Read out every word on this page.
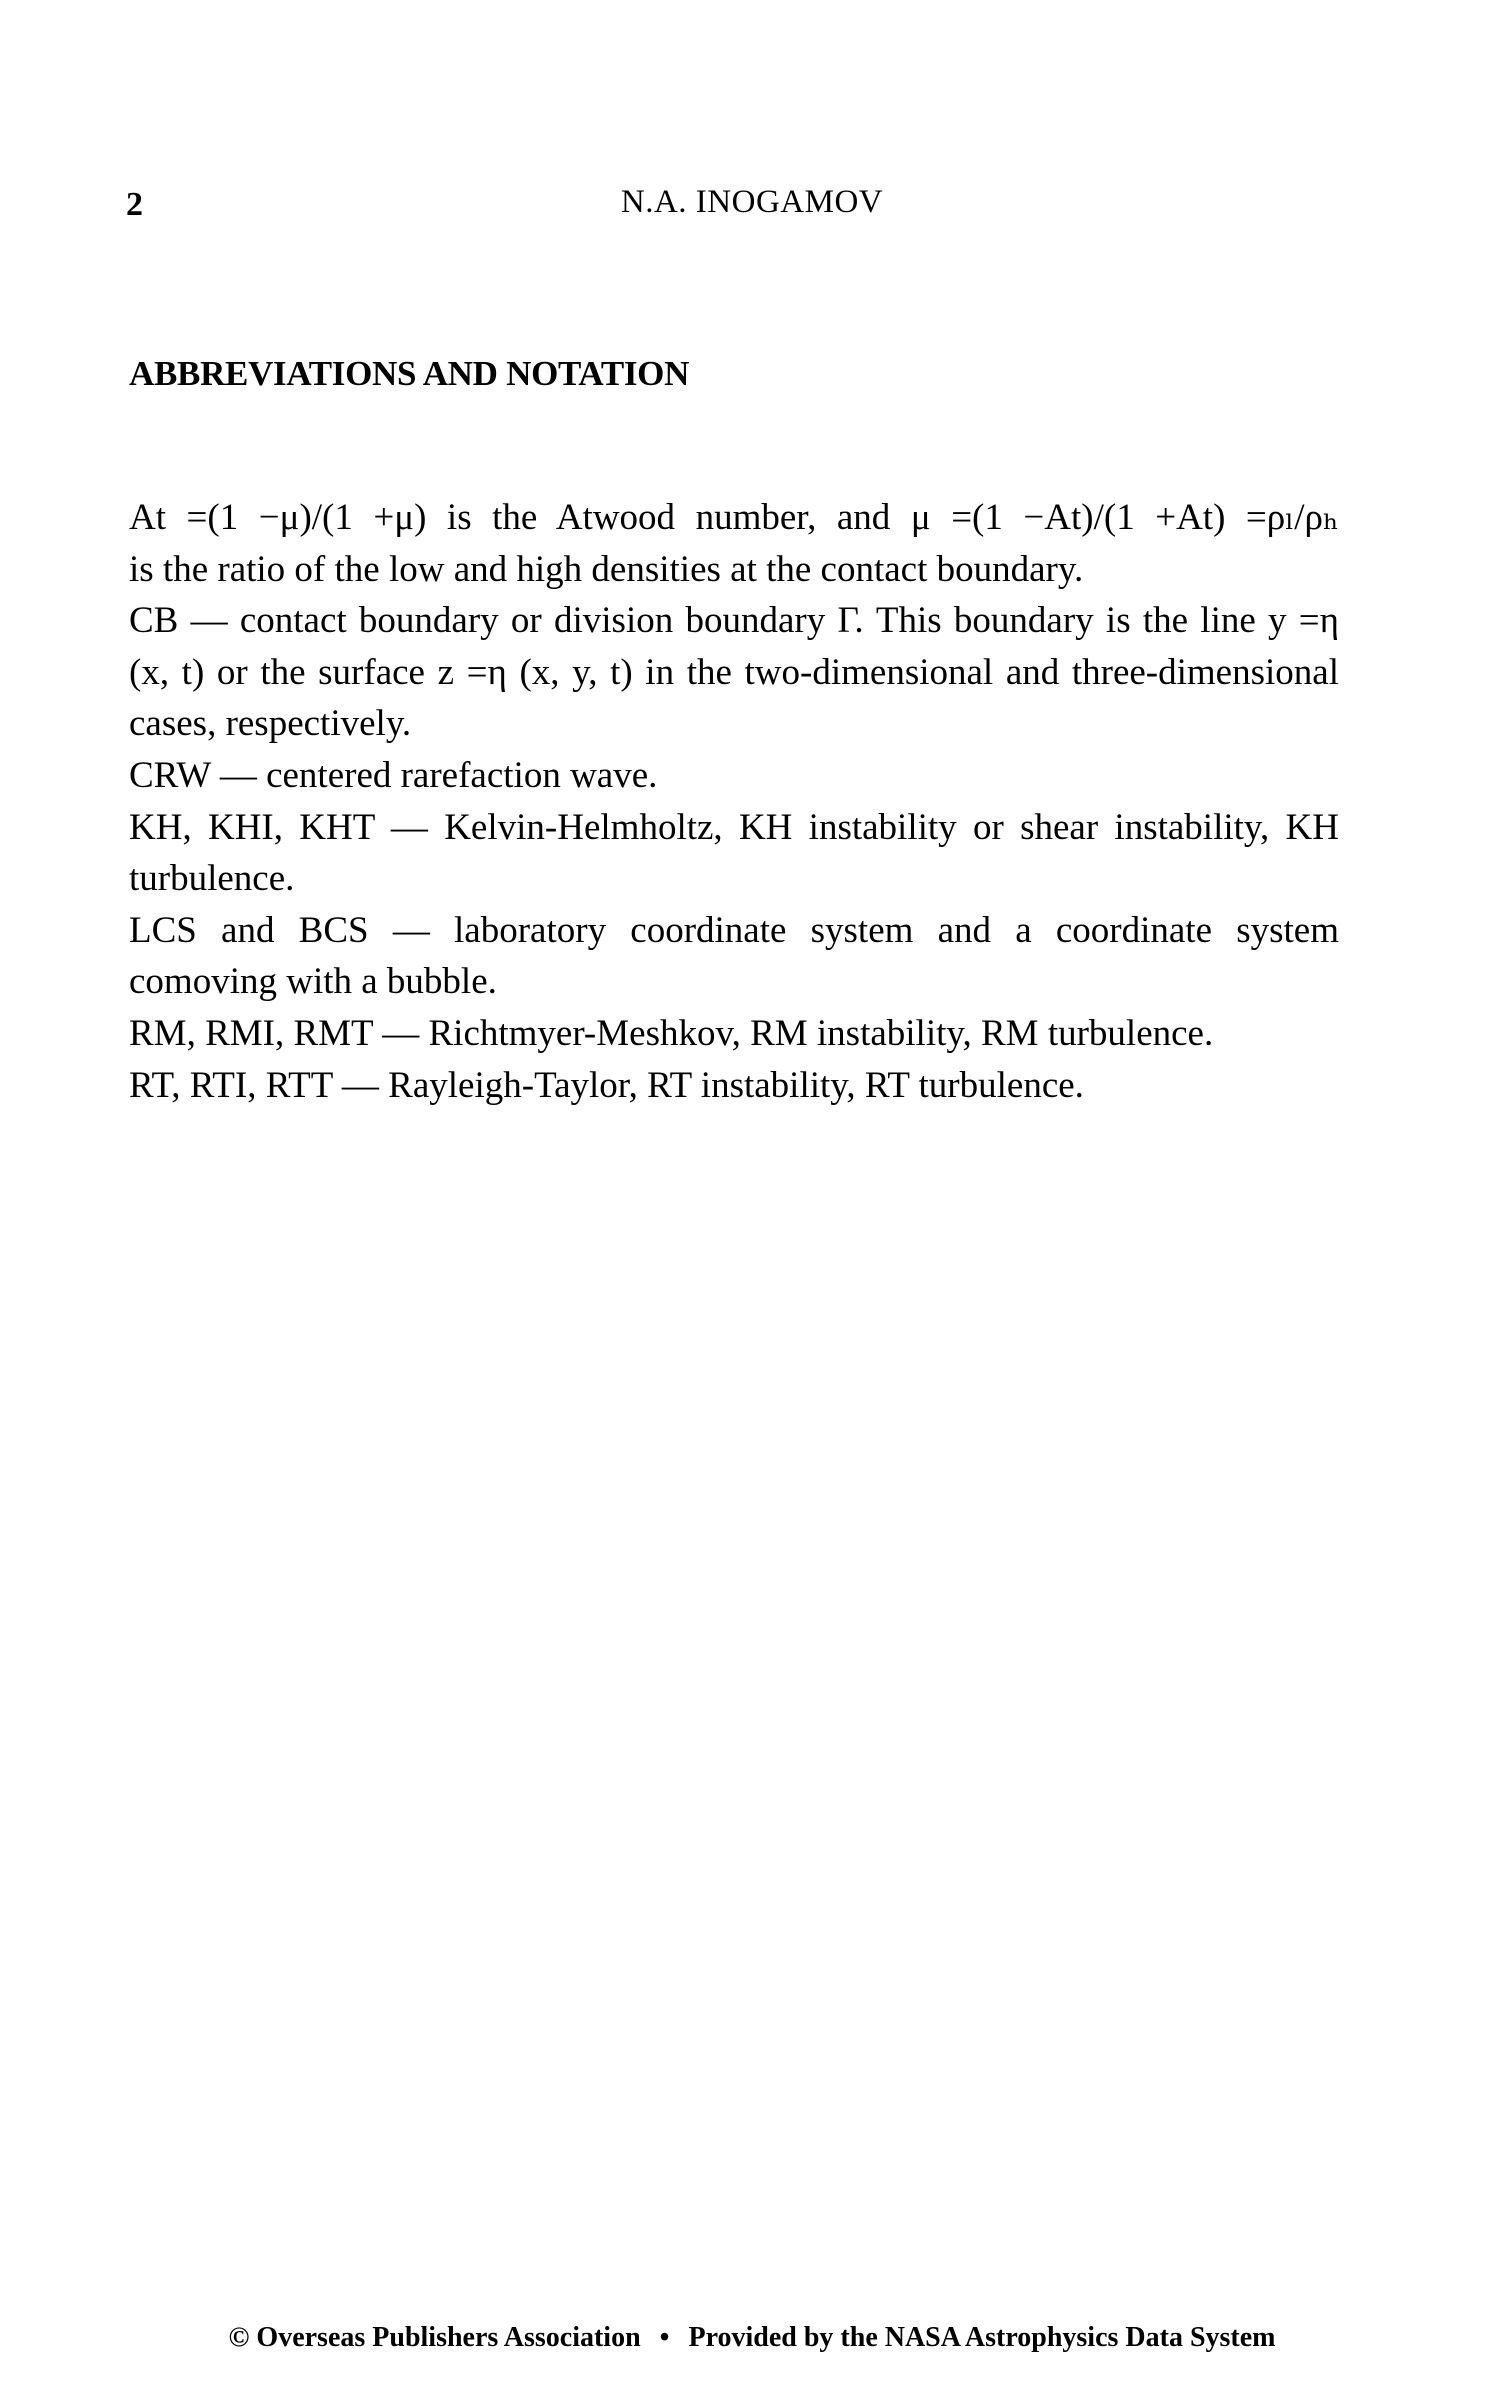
2	N.A. INOGAMOV
ABBREVIATIONS AND NOTATION

At =(1 −μ)/(1 +μ) is the Atwood number, and μ =(1 −At)/(1 +At) =ρₗ/ρₕ

is the ratio of the low and high densities at the contact boundary.

CB — contact boundary or division boundary Γ. This boundary is the line y =η (x, t) or the surface z =η (x, y, t) in the two-dimensional and three-dimensional cases, respectively.

CRW — centered rarefaction wave.

KH, KHI, KHT — Kelvin-Helmholtz, KH instability or shear instability, KH turbulence.

LCS and BCS — laboratory coordinate system and a coordinate system comoving with a bubble.

RM, RMI, RMT — Richtmyer-Meshkov, RM instability, RM turbulence.

RT, RTI, RTT — Rayleigh-Taylor, RT instability, RT turbulence.

© Overseas Publishers Association • Provided by the NASA Astrophysics Data System
